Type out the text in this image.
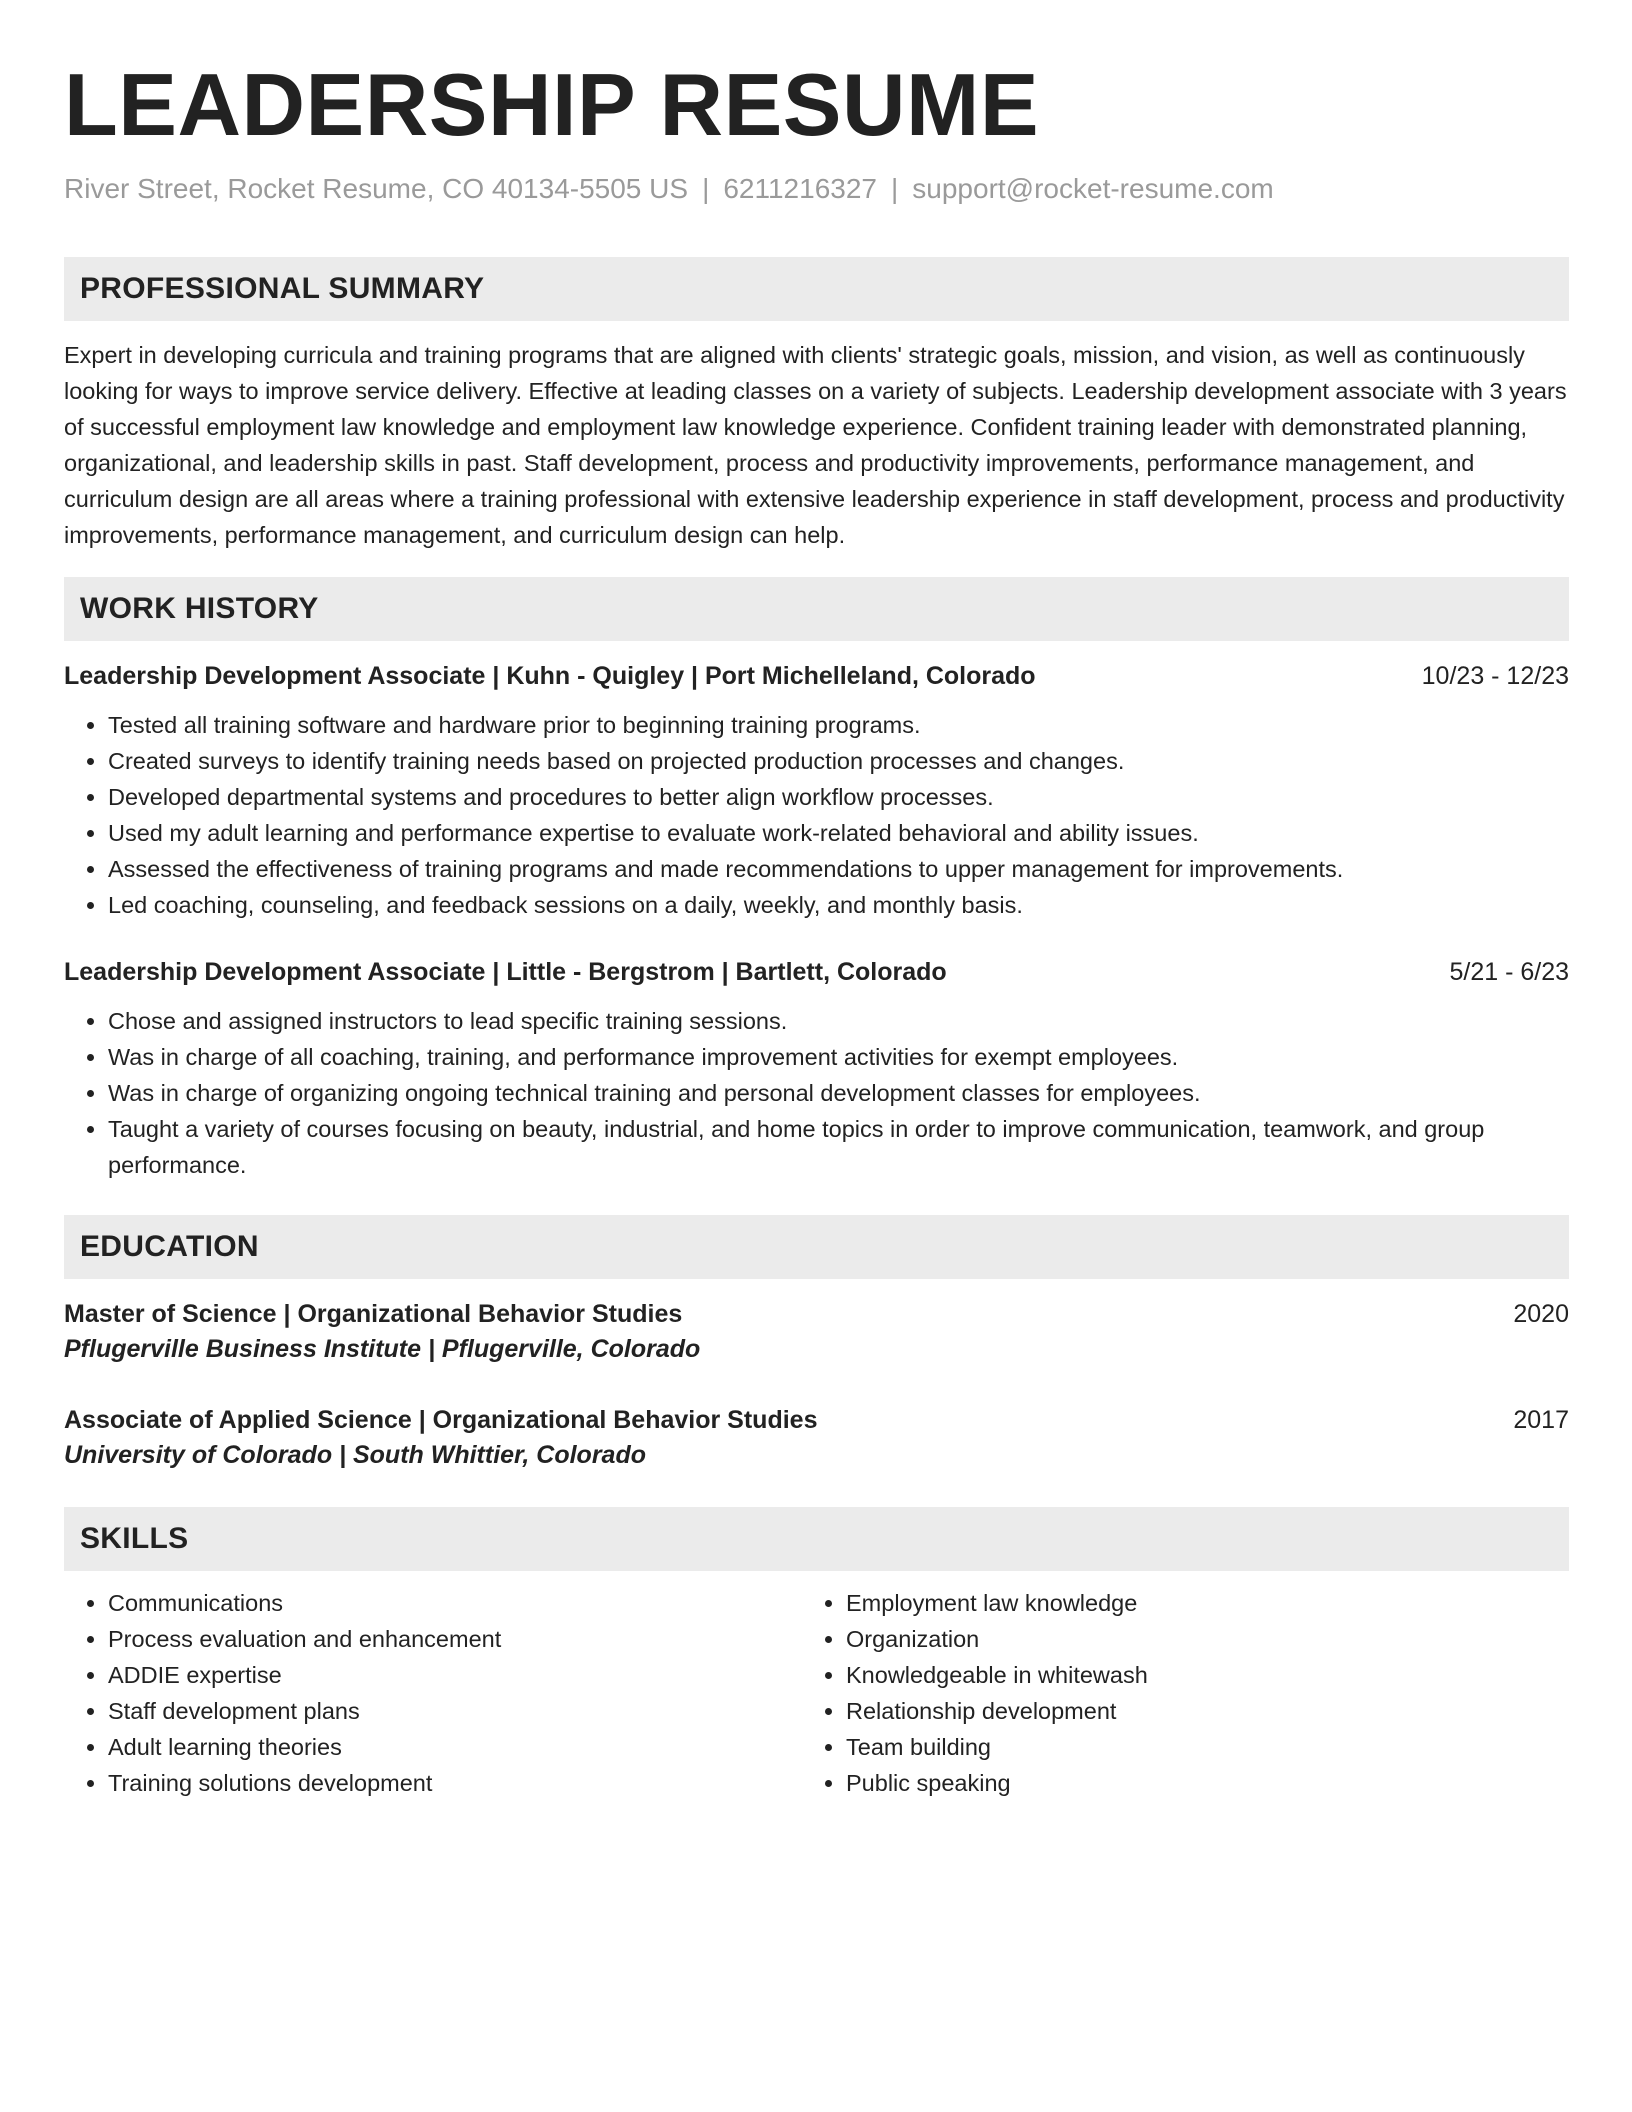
LEADERSHIP RESUME
River Street, Rocket Resume, CO 40134-5505 US | 6211216327 | support@rocket-resume.com
PROFESSIONAL SUMMARY

Expert in developing curricula and training programs that are aligned with clients' strategic goals, mission, and vision, as well as continuously looking for ways to improve service delivery. Effective at leading classes on a variety of subjects. Leadership development associate with 3 years of successful employment law knowledge and employment law knowledge experience. Confident training leader with demonstrated planning, organizational, and leadership skills in past. Staff development, process and productivity improvements, performance management, and curriculum design are all areas where a training professional with extensive leadership experience in staff development, process and productivity improvements, performance management, and curriculum design can help.

WORK HISTORY
Leadership Development Associate | Kuhn - Quigley | Port Michelleland, Colorado	10/23 - 12/23
• Tested all training software and hardware prior to beginning training programs.
• Created surveys to identify training needs based on projected production processes and changes.
• Developed departmental systems and procedures to better align workflow processes.
• Used my adult learning and performance expertise to evaluate work-related behavioral and ability issues.
• Assessed the effectiveness of training programs and made recommendations to upper management for improvements.
• Led coaching, counseling, and feedback sessions on a daily, weekly, and monthly basis.
Leadership Development Associate | Little - Bergstrom | Bartlett, Colorado	5/21 - 6/23
• Chose and assigned instructors to lead specific training sessions.
• Was in charge of all coaching, training, and performance improvement activities for exempt employees.
• Was in charge of organizing ongoing technical training and personal development classes for employees.
• Taught a variety of courses focusing on beauty, industrial, and home topics in order to improve communication, teamwork, and group performance.
EDUCATION
Master of Science | Organizational Behavior Studies	2020
Pflugerville Business Institute | Pflugerville, Colorado
Associate of Applied Science | Organizational Behavior Studies	2017
University of Colorado | South Whittier, Colorado
SKILLS
• Communications
• Process evaluation and enhancement
• ADDIE expertise
• Staff development plans
• Adult learning theories
• Training solutions development
• Employment law knowledge
• Organization
• Knowledgeable in whitewash
• Relationship development
• Team building
• Public speaking
